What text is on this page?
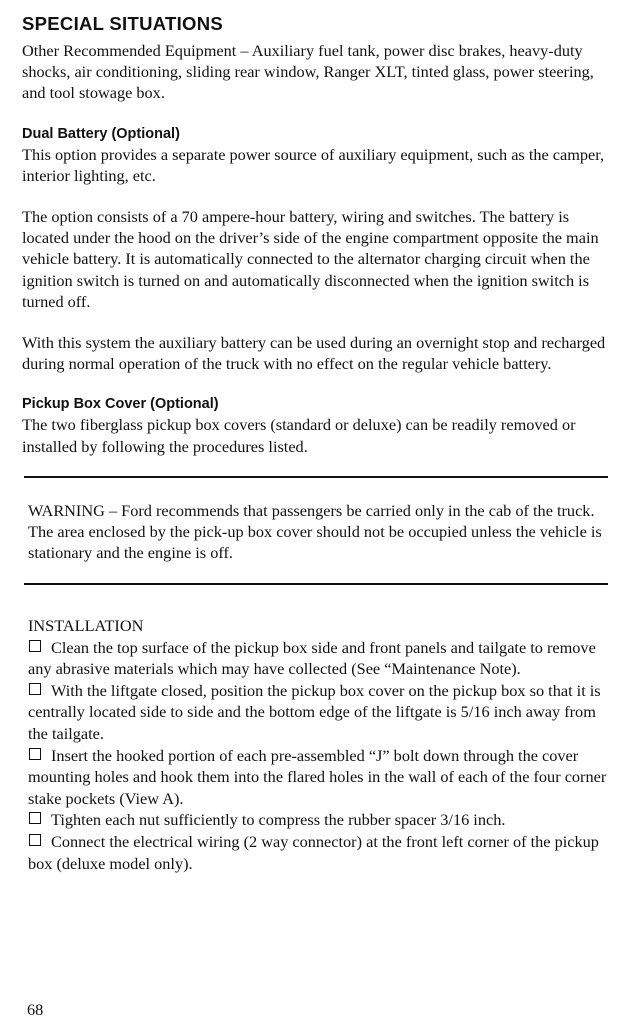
SPECIAL SITUATIONS

Other Recommended Equipment – Auxiliary fuel tank, power disc brakes, heavy-duty shocks, air conditioning, sliding rear window, Ranger XLT, tinted glass, power steering, and tool stowage box.

Dual Battery (Optional)

This option provides a separate power source of auxiliary equipment, such as the camper, interior lighting, etc.

The option consists of a 70 ampere-hour battery, wiring and switches. The battery is located under the hood on the driver’s side of the engine compartment opposite the main vehicle battery. It is automatically connected to the alternator charging circuit when the ignition switch is turned on and automatically disconnected when the ignition switch is turned off.

With this system the auxiliary battery can be used during an overnight stop and recharged during normal operation of the truck with no effect on the regular vehicle battery.

Pickup Box Cover (Optional)

The two fiberglass pickup box covers (standard or deluxe) can be readily removed or installed by following the procedures listed.

WARNING – Ford recommends that passengers be carried only in the cab of the truck. The area enclosed by the pick-up box cover should not be occupied unless the vehicle is stationary and the engine is off.

INSTALLATION

Clean the top surface of the pickup box side and front panels and tailgate to remove any abrasive materials which may have collected (See “Maintenance Note).
With the liftgate closed, position the pickup box cover on the pickup box so that it is centrally located side to side and the bottom edge of the liftgate is 5/16 inch away from the tailgate.
Insert the hooked portion of each pre-assembled “J” bolt down through the cover mounting holes and hook them into the flared holes in the wall of each of the four corner stake pockets (View A).
Tighten each nut sufficiently to compress the rubber spacer 3/16 inch.
Connect the electrical wiring (2 way connector) at the front left corner of the pickup box (deluxe model only).
68
